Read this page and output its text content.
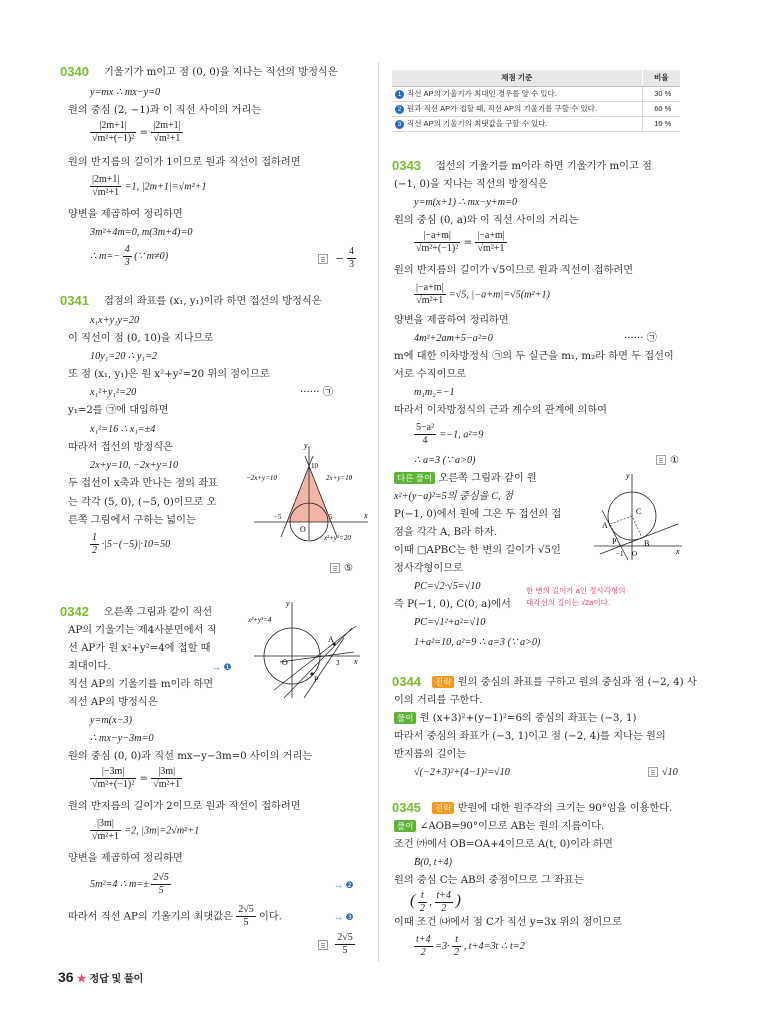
0340 기울기가 m이고 점 (0, 0)을 지나는 직선의 방정식은
y=mx ∴ mx−y=0
원의 중심 (2, −1)과 이 직선 사이의 거리는
$\frac{|2m+1|}{\text{√m²+(−1)²}} = \frac{|2m+1|}{\text{√m²+1}}$
원의 반지름의 길이가 1이므로 원과 직선이 접하려면
$\frac{|2m+1|}{\text{√m²+1}} =1$, |2m+1|=√m²+1
양변을 제곱하여 정리하면
3m²+4m=0, m(3m+4)=0
∴ $m=- \frac{4}{3}$ (∵ m≠0)	− $\frac{4}{3}$
0341 접점의 좌표를 (x₁, y₁)이라 하면 접선의 방정식은
x₁x+y₁y=20
이 직선이 점 (0, 10)을 지나므로
10y₁=20 ∴ y₁=2
또 점 (x₁, y₁)은 원 x²+y²=20 위의 점이므로
x₁²+y₁²=20	······ ㉠
y₁=2를 ㉠에 대입하면
x₁²=16 ∴ x₁=±4
따라서 접선의 방정식은
2x+y=10, −2x+y=10
두 접선이 x축과 만나는 점의 좌표
는 각각 (5, 0), (−5, 0)이므로 오
른쪽 그림에서 구하는 넓이는
$\frac{1}{2} \cdot|5-(-5)|\cdot 10=50$
⑤
y
x
O
10
5
−5
−2x+y=10	2x+y=10
x²+y²=20
0342 오른쪽 그림과 같이 직선
AP의 기울기는 제4사분면에서 직
선 AP가 원 x²+y²=4에 접할 때
최대이다.	→ ❶
직선 AP의 기울기를 m이라 하면
직선 AP의 방정식은
y=m(x−3)
∴ mx−y−3m=0
원의 중심 (0, 0)과 직선 mx−y−3m=0 사이의 거리는
$\frac{|-3m|}{\text{√m²+(−1)²}} = \frac{|3m|}{\text{√m²+1}}$
원의 반지름의 길이가 2이므로 원과 직선이 접하려면
$\frac{|3m|}{\text{√m²+1}} =2$, |3m|=2√m²+1
양변을 제곱하여 정리하면
5m²=4 ∴ $m=\pm \frac{2√5}{5}$	→ ❷
따라서 직선 AP의 기울기의 최댓값은 $\frac{2√5}{5}$ 이다.	→ ❸

$\frac{2√5}{5}$
y
x
O
A
P
3
x²+y²=4
채점 기준	비율
1 직선 AP의 기울기가 최대인 경우를 알 수 있다.	30 %
2 원과 직선 AP가 접할 때, 직선 AP의 기울기를 구할 수 있다.	60 %
3 직선 AP의 기울기의 최댓값을 구할 수 있다.	10 %
0343 접선의 기울기를 m이라 하면 기울기가 m이고 점
(−1, 0)을 지나는 직선의 방정식은
y=m(x+1) ∴ mx−y+m=0
원의 중심 (0, a)와 이 직선 사이의 거리는
$\frac{|-a+m|}{\text{√m²+(−1)²}} = \frac{|-a+m|}{\text{√m²+1}}$
원의 반지름의 길이가 √5이므로 원과 직선이 접하려면
$\frac{|-a+m|}{\text{√m²+1}} =√5$, |−a+m|=√5(m²+1)
양변을 제곱하여 정리하면
4m²+2am+5−a²=0	······ ㉠
m에 대한 이차방정식 ㉠의 두 실근을 m₁, m₂라 하면 두 접선이
서로 수직이므로
m₁m₂=−1
따라서 이차방정식의 근과 계수의 관계에 의하여
$\frac{\text{5−a²}}{4} =-1$, a²=9
∴ a=3 (∵ a>0)	①
다른 풀이 오른쪽 그림과 같이 원
x²+(y−a)²=5의 중심을 C, 점
P(−1, 0)에서 원에 그은 두 접선의 접
점을 각각 A, B라 하자.
이때 □APBC는 한 변의 길이가 √5인
정사각형이므로
PC=√2·√5=√10
즉 P(−1, 0), C(0, a)에서
PC=√1²+a²=√10
1+a²=10, a²=9 ∴ a=3 (∵ a>0)
한 변의 길이가 a인 정사각형의
대각선의 길이는 √2a이다.
y
x
O
A
B
C
P
−1
0344	전략 원의 중심의 좌표를 구하고 원의 중심과 점 (−2, 4) 사
이의 거리를 구한다.
풀이 원 (x+3)²+(y−1)²=6의 중심의 좌표는 (−3, 1)
따라서 중심의 좌표가 (−3, 1)이고 점 (−2, 4)를 지나는 원의
반지름의 길이는
√(−2+3)²+(4−1)²=√10	√10
0345	전략 반원에 대한 원주각의 크기는 90°임을 이용한다.
풀이 ∠AOB=90°이므로 AB는 원의 지름이다.
조건 ㈎에서 OB=OA+4이므로 A(t, 0)이라 하면
B(0, t+4)
원의 중심 C는 AB의 중점이므로 그 좌표는
( $\frac{t}{2}$ , $\frac{t+4}{2}$ )
이때 조건 ㈏에서 점 C가 직선 y=3x 위의 점이므로
$\frac{t+4}{2} =3\cdot \frac{t}{2}$ , t+4=3t ∴ t=2
36 ★ 정답 및 풀이
